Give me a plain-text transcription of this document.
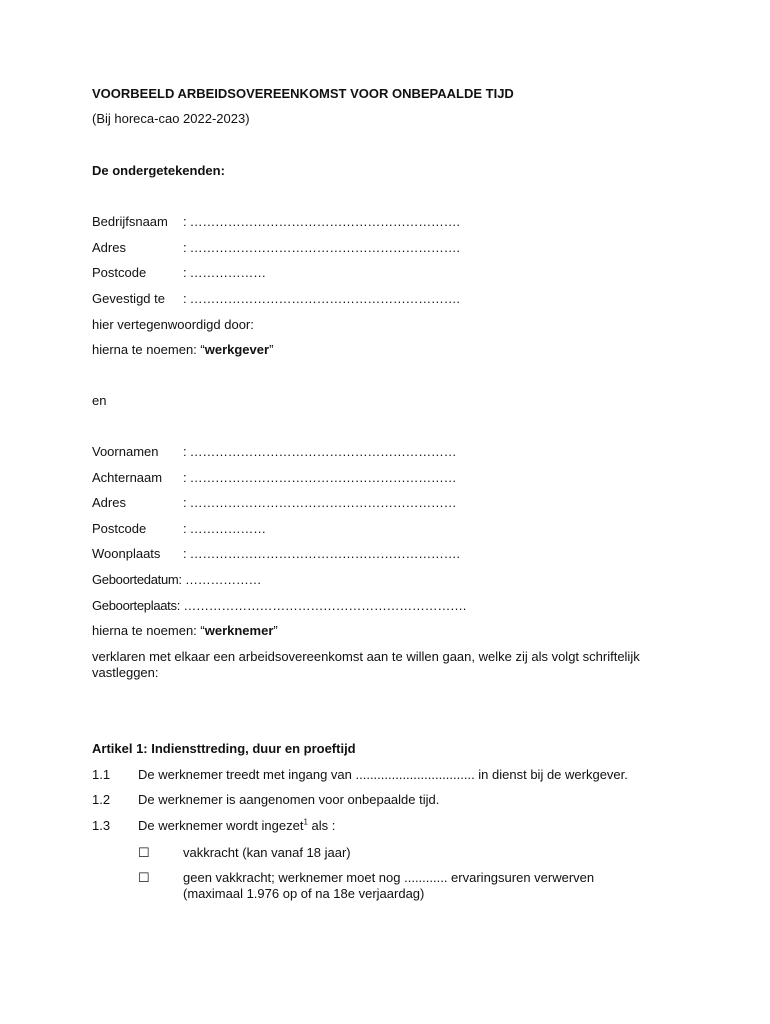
VOORBEELD ARBEIDSOVEREENKOMST VOOR ONBEPAALDE TIJD
(Bij horeca-cao 2022-2023)
De ondergetekenden:
Bedrijfsnaam : ……………………………………………………….
Adres	: ……………………………………………………….
Postcode	: ………………
Gevestigd te : ……………………………………………………….
hier vertegenwoordigd door:
hierna te noemen: “werkgever”
en
Voornamen : ………………………………………………………
Achternaam : ………………………………………………………
Adres	: ………………………………………………………
Postcode	: ………………
Woonplaats : ……………………………………………………….
Geboortedatum: ………………
Geboorteplaats: ………………………………………………………….
hierna te noemen: “werknemer”
verklaren met elkaar een arbeidsovereenkomst aan te willen gaan, welke zij als volgt schriftelijk vastleggen:
Artikel 1: Indiensttreding, duur en proeftijd
1.1 De werknemer treedt met ingang van ................................. in dienst bij de werkgever.
1.2 De werknemer is aangenomen voor onbepaalde tijd.
1.3 De werknemer wordt ingezet$^1$ als :
☐	vakkracht (kan vanaf 18 jaar)
☐	geen vakkracht; werknemer moet nog ............ ervaringsuren verwerven (maximaal 1.976 op of na 18e verjaardag)
